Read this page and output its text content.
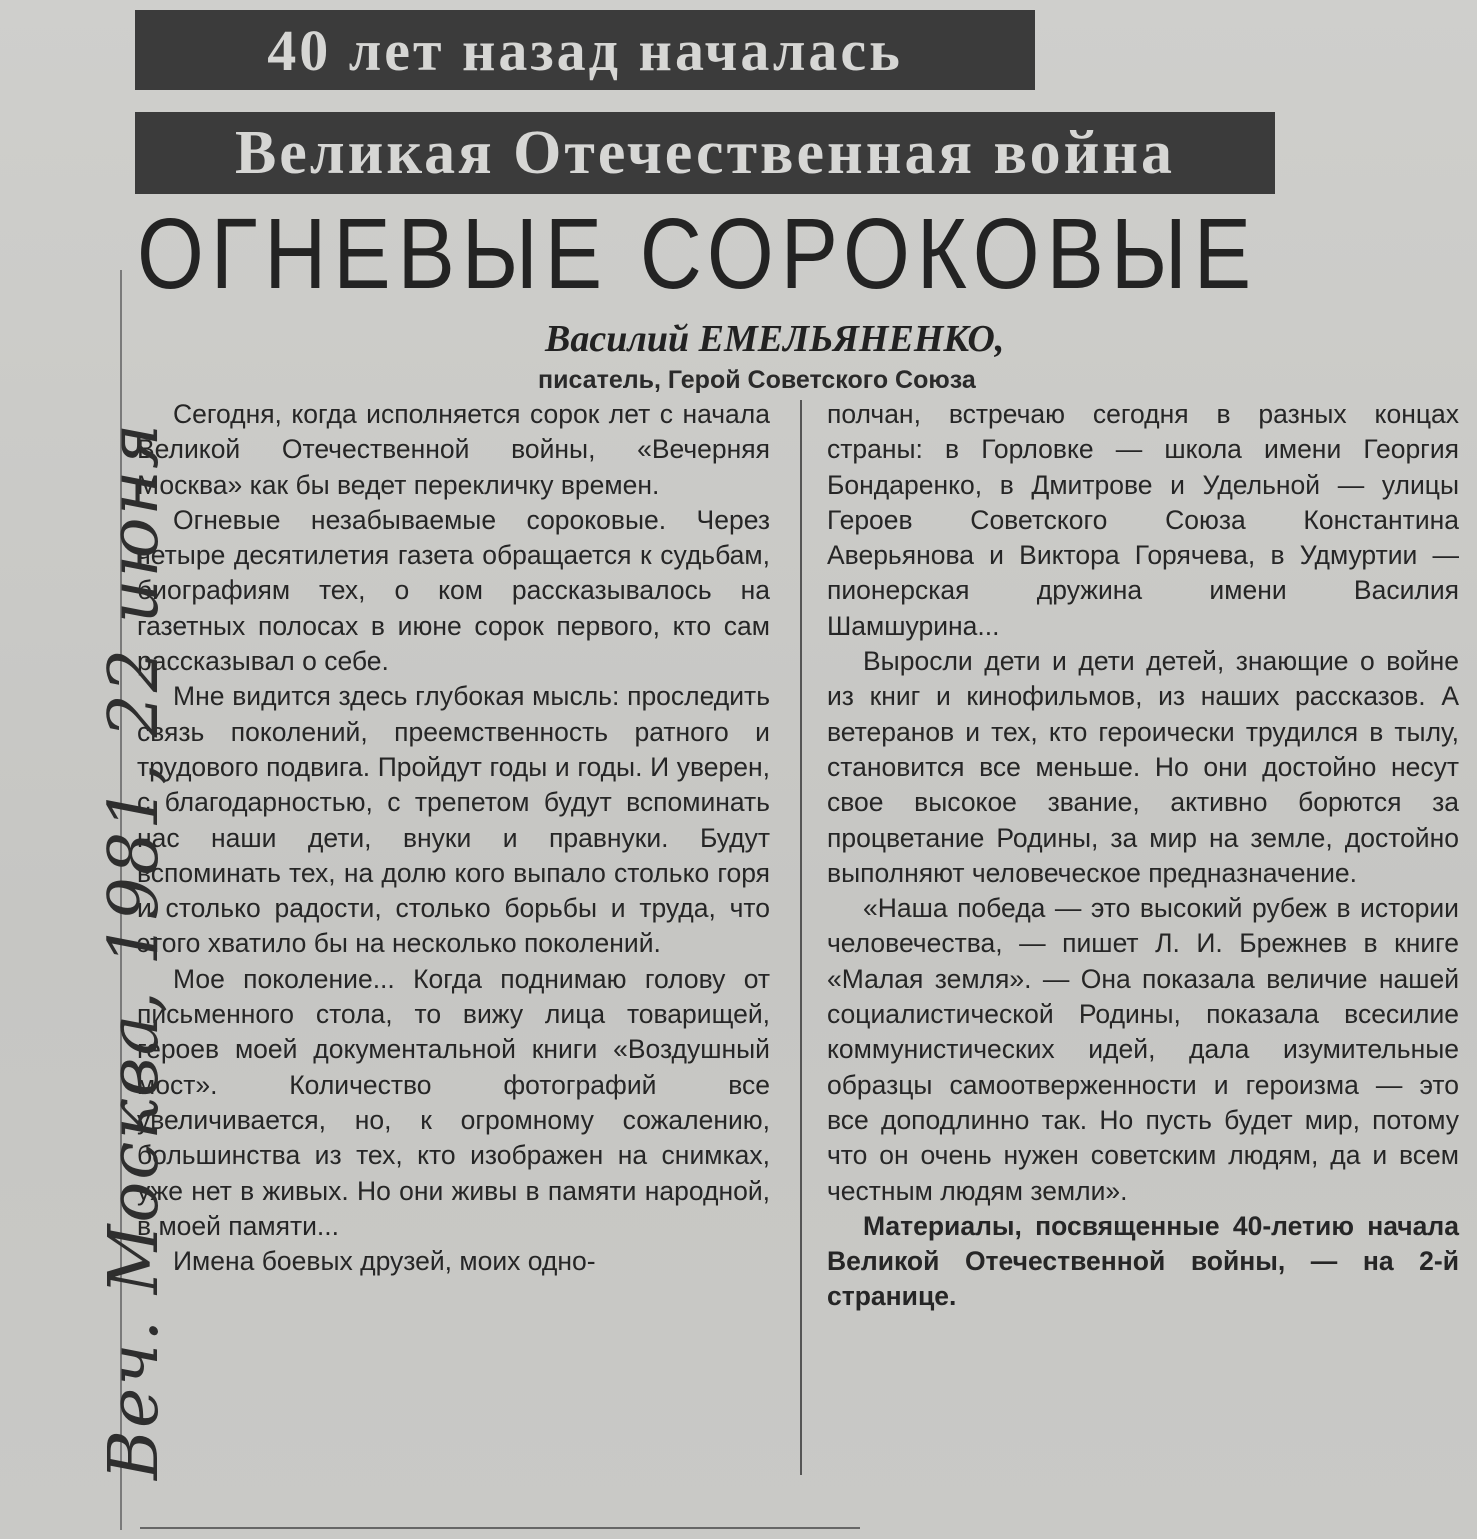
40 лет назад началась
Великая Отечественная война
ОГНЕВЫЕ СОРОКОВЫЕ
Василий ЕМЕЛЬЯНЕНКО,
писатель, Герой Советского Союза

Сегодня, когда исполняется сорок лет с начала Великой Отечественной войны, «Вечерняя Москва» как бы ведет перекличку времен.

Огневые незабываемые сороковые. Через четыре десятилетия газета обращается к судьбам, биографиям тех, о ком рассказывалось на газетных полосах в июне сорок первого, кто сам рассказывал о себе.

Мне видится здесь глубокая мысль: проследить связь поколений, преемственность ратного и трудового подвига. Пройдут годы и годы. И уверен, с благодарностью, с трепетом будут вспоминать нас наши дети, внуки и правнуки. Будут вспоминать тех, на долю кого выпало столько горя и столько радости, столько борьбы и труда, что этого хватило бы на несколько поколений.

Мое поколение... Когда поднимаю голову от письменного стола, то вижу лица товарищей, героев моей документальной книги «Воздушный мост». Количество фотографий все увеличивается, но, к огромному сожалению, большинства из тех, кто изображен на снимках, уже нет в живых. Но они живы в памяти народной, в моей памяти...

Имена боевых друзей, моих одно-

полчан, встречаю сегодня в разных концах страны: в Горловке — школа имени Георгия Бондаренко, в Дмитрове и Удельной — улицы Героев Советского Союза Константина Аверьянова и Виктора Горячева, в Удмуртии — пионерская дружина имени Василия Шамшурина...

Выросли дети и дети детей, знающие о войне из книг и кинофильмов, из наших рассказов. А ветеранов и тех, кто героически трудился в тылу, становится все меньше. Но они достойно несут свое высокое звание, активно борются за процветание Родины, за мир на земле, достойно выполняют человеческое предназначение.

«Наша победа — это высокий рубеж в истории человечества, — пишет Л. И. Брежнев в книге «Малая земля». — Она показала величие нашей социалистической Родины, показала всесилие коммунистических идей, дала изумительные образцы самоотверженности и героизма — это все доподлинно так. Но пусть будет мир, потому что он очень нужен советским людям, да и всем честным людям земли».

Материалы, посвященные 40-летию начала Великой Отечественной войны, — на 2-й странице.

Веч. Москва, 1981, 22 июня
